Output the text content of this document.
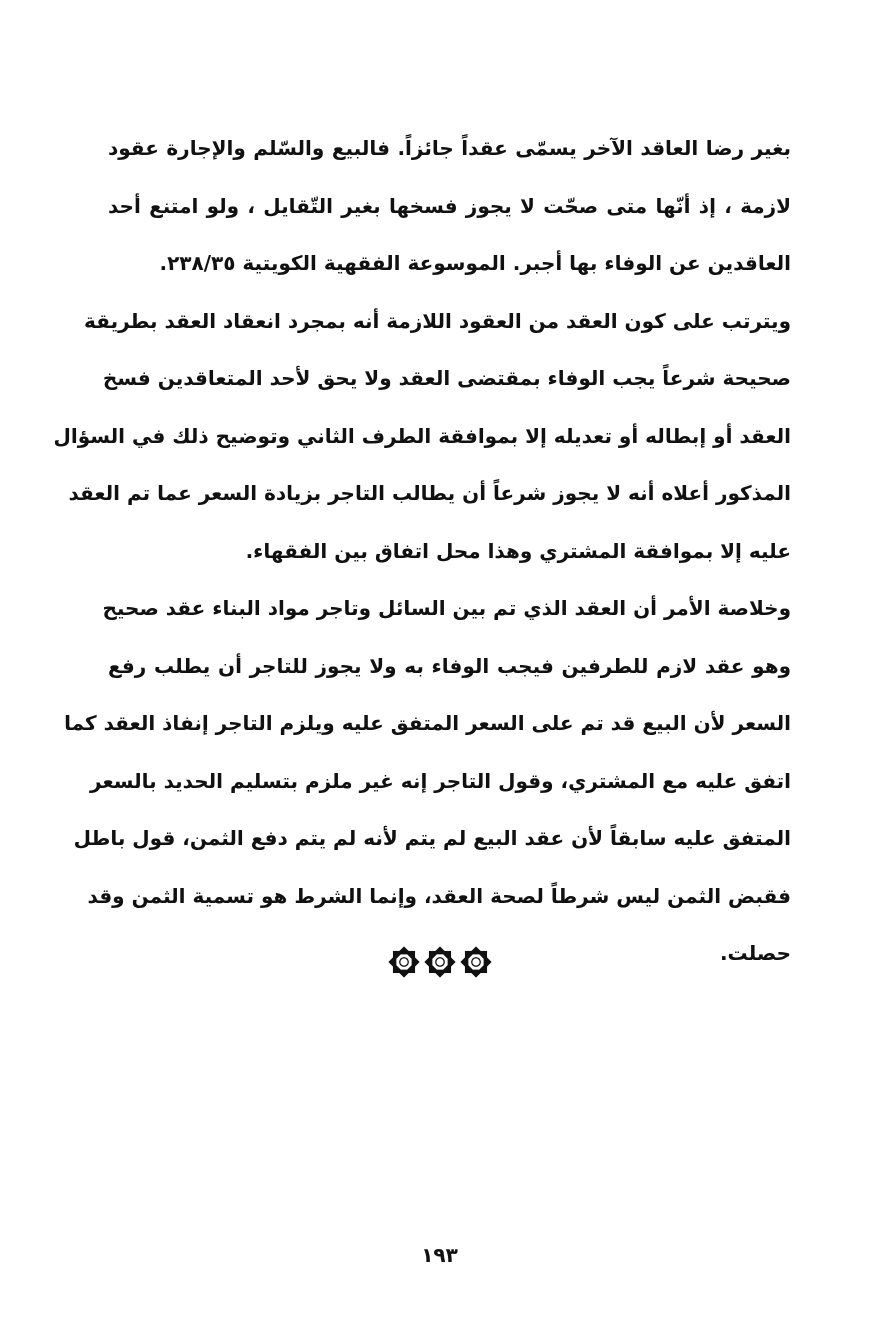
بغير رضا العاقد الآخر يسمّى عقداً جائزاً. فالبيع والسّلم والإجارة عقود
لازمة ، إذ أنّها متى صحّت لا يجوز فسخها بغير التّقايل ، ولو امتنع أحد
العاقدين عن الوفاء بها أجبر. الموسوعة الفقهية الكويتية ٢٣٨/٣٥.
ويترتب على كون العقد من العقود اللازمة أنه بمجرد انعقاد العقد بطريقة
صحيحة شرعاً يجب الوفاء بمقتضى العقد ولا يحق لأحد المتعاقدين فسخ
العقد أو إبطاله أو تعديله إلا بموافقة الطرف الثاني وتوضيح ذلك في السؤال
المذكور أعلاه أنه لا يجوز شرعاً أن يطالب التاجر بزيادة السعر عما تم العقد
عليه إلا بموافقة المشتري وهذا محل اتفاق بين الفقهاء.
وخلاصة الأمر أن العقد الذي تم بين السائل وتاجر مواد البناء عقد صحيح
وهو عقد لازم للطرفين فيجب الوفاء به ولا يجوز للتاجر أن يطلب رفع
السعر لأن البيع قد تم على السعر المتفق عليه ويلزم التاجر إنفاذ العقد كما
اتفق عليه مع المشتري، وقول التاجر إنه غير ملزم بتسليم الحديد بالسعر
المتفق عليه سابقاً لأن عقد البيع لم يتم لأنه لم يتم دفع الثمن، قول باطل
فقبض الثمن ليس شرطاً لصحة العقد، وإنما الشرط هو تسمية الثمن وقد
حصلت.
١٩٣
